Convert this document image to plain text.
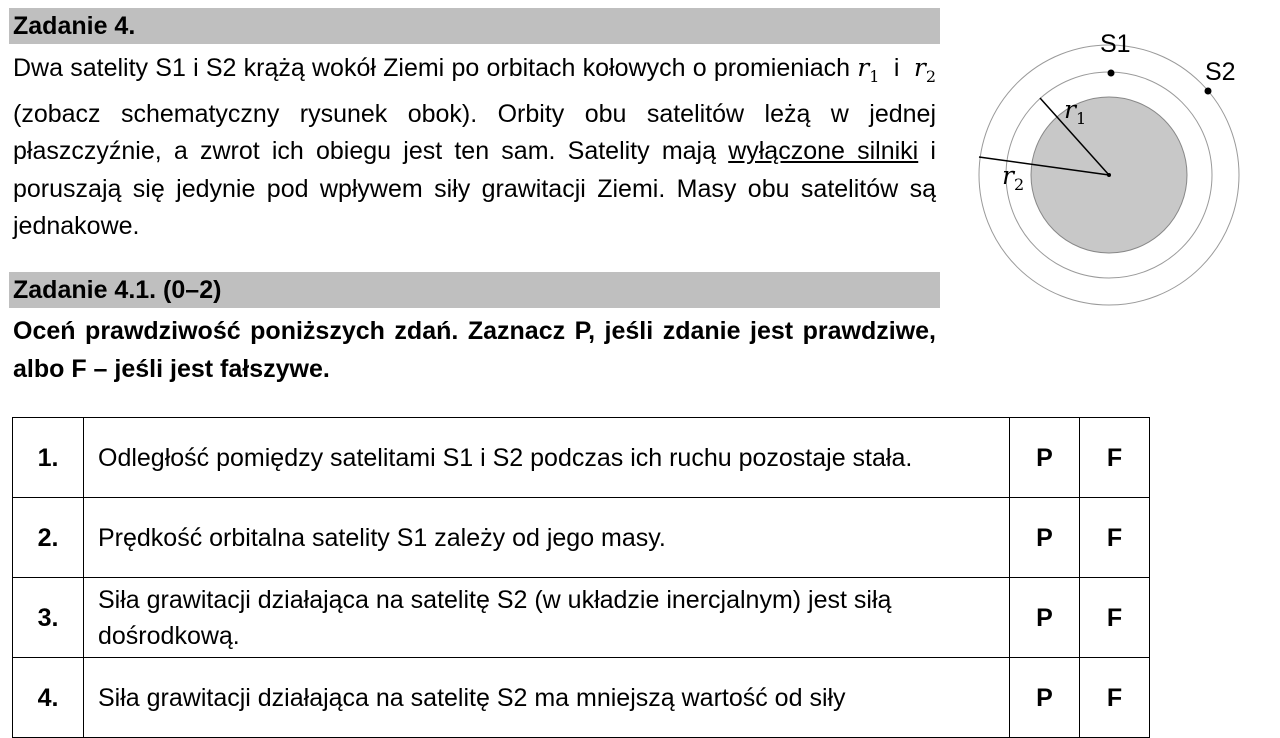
Zadanie 4.

Dwa satelity S1 i S2 krążą wokół Ziemi po orbitach kołowych o promieniach $r_1$ i $r_2$ (zobacz schematyczny rysunek obok). Orbity obu satelitów leżą w jednej płaszczyźnie, a zwrot ich obiegu jest ten sam. Satelity mają wyłączone silniki i poruszają się jedynie pod wpływem siły grawitacji Ziemi. Masy obu satelitów są jednakowe.

S1
S2
$r_1$
$r_2$
Zadanie 4.1. (0–2)

Oceń prawdziwość poniższych zdań. Zaznacz P, jeśli zdanie jest prawdziwe, albo F – jeśli jest fałszywe.

1.	Odległość pomiędzy satelitami S1 i S2 podczas ich ruchu pozostaje stała.	P	F
2.	Prędkość orbitalna satelity S1 zależy od jego masy.	P	F
3.	Siła grawitacji działająca na satelitę S2 (w układzie inercjalnym) jest siłą dośrodkową.	P	F
4.	Siła grawitacji działająca na satelitę S2 ma mniejszą wartość od siły	P	F
